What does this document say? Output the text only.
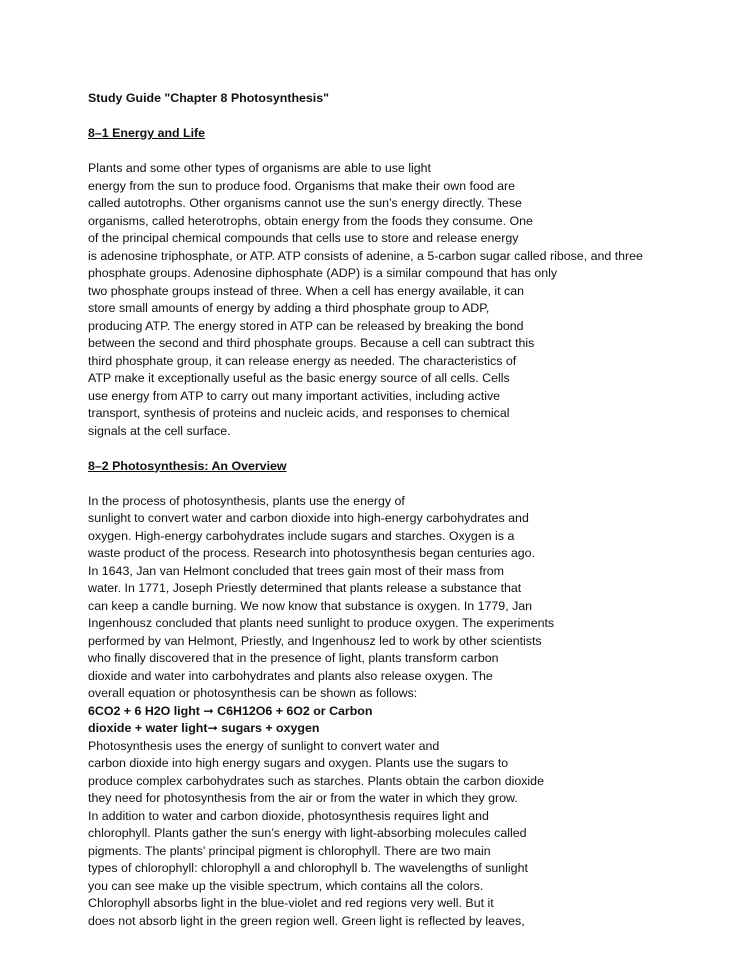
Study Guide "Chapter 8 Photosynthesis"
8–1 Energy and Life
Plants and some other types of organisms are able to use light
energy from the sun to produce food. Organisms that make their own food are
called autotrophs. Other organisms cannot use the sun’s energy directly. These
organisms, called heterotrophs, obtain energy from the foods they consume. One
of the principal chemical compounds that cells use to store and release energy
is adenosine triphosphate, or ATP. ATP consists of adenine, a 5-carbon sugar called ribose, and three
phosphate groups. Adenosine diphosphate (ADP) is a similar compound that has only
two phosphate groups instead of three. When a cell has energy available, it can
store small amounts of energy by adding a third phosphate group to ADP,
producing ATP. The energy stored in ATP can be released by breaking the bond
between the second and third phosphate groups. Because a cell can subtract this
third phosphate group, it can release energy as needed. The characteristics of
ATP make it exceptionally useful as the basic energy source of all cells. Cells
use energy from ATP to carry out many important activities, including active
transport, synthesis of proteins and nucleic acids, and responses to chemical
signals at the cell surface.
8–2 Photosynthesis: An Overview
In the process of photosynthesis, plants use the energy of
sunlight to convert water and carbon dioxide into high-energy carbohydrates and
oxygen. High-energy carbohydrates include sugars and starches. Oxygen is a
waste product of the process. Research into photosynthesis began centuries ago.
In 1643, Jan van Helmont concluded that trees gain most of their mass from
water. In 1771, Joseph Priestly determined that plants release a substance that
can keep a candle burning. We now know that substance is oxygen. In 1779, Jan
Ingenhousz concluded that plants need sunlight to produce oxygen. The experiments
performed by van Helmont, Priestly, and Ingenhousz led to work by other scientists
who finally discovered that in the presence of light, plants transform carbon
dioxide and water into carbohydrates and plants also release oxygen. The
overall equation or photosynthesis can be shown as follows:
6CO2 + 6 H2O light ➞ C6H12O6 + 6O2 or Carbon
dioxide + water light➞ sugars + oxygen
Photosynthesis uses the energy of sunlight to convert water and
carbon dioxide into high energy sugars and oxygen. Plants use the sugars to
produce complex carbohydrates such as starches. Plants obtain the carbon dioxide
they need for photosynthesis from the air or from the water in which they grow.
In addition to water and carbon dioxide, photosynthesis requires light and
chlorophyll. Plants gather the sun’s energy with light-absorbing molecules called
pigments. The plants’ principal pigment is chlorophyll. There are two main
types of chlorophyll: chlorophyll a and chlorophyll b. The wavelengths of sunlight
you can see make up the visible spectrum, which contains all the colors.
Chlorophyll absorbs light in the blue-violet and red regions very well. But it
does not absorb light in the green region well. Green light is reflected by leaves,
